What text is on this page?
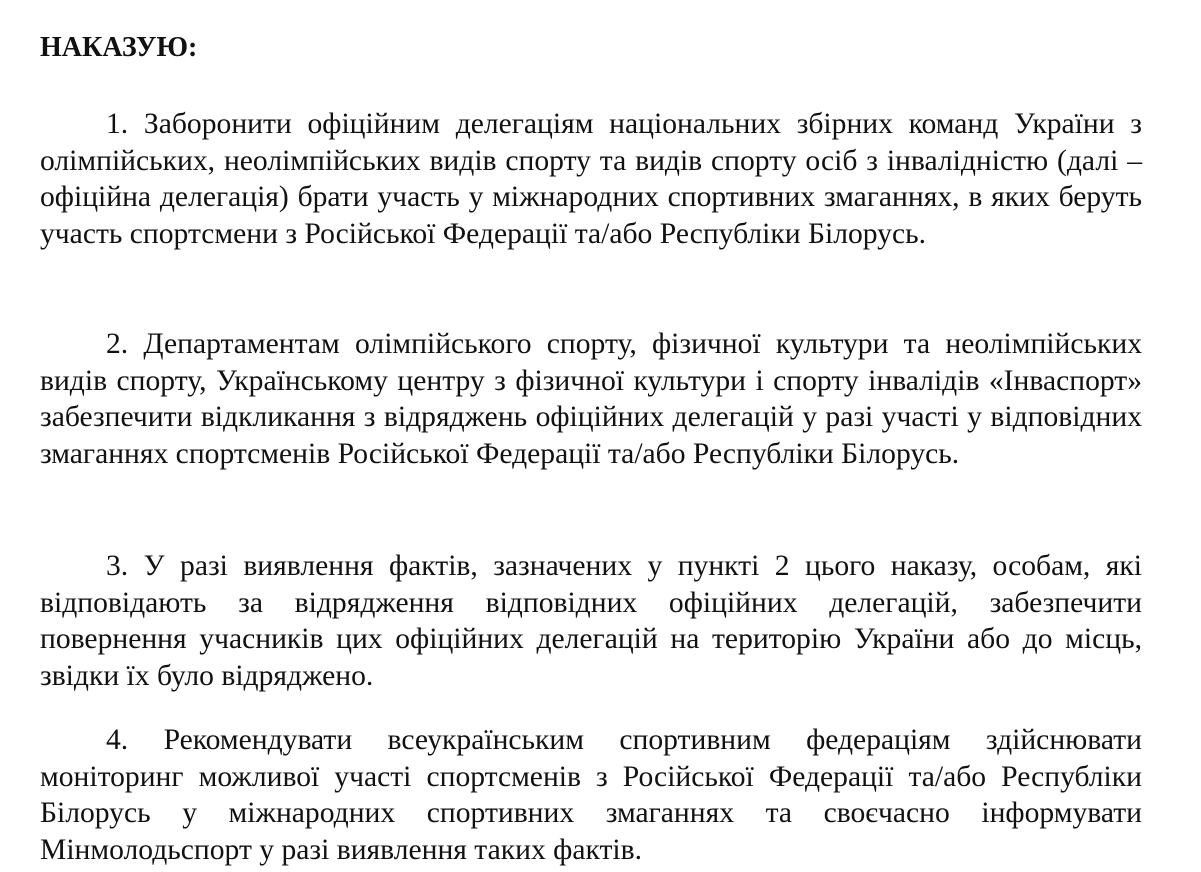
НАКАЗУЮ:

1. Заборонити офіційним делегаціям національних збірних команд України з олімпійських, неолімпійських видів спорту та видів спорту осіб з інвалідністю (далі – офіційна делегація) брати участь у міжнародних спортивних змаганнях, в яких беруть участь спортсмени з Російської Федерації та/або Республіки Білорусь.

2. Департаментам олімпійського спорту, фізичної культури та неолімпійських видів спорту, Українському центру з фізичної культури і спорту інвалідів «Інваспорт» забезпечити відкликання з відряджень офіційних делегацій у разі участі у відповідних змаганнях спортсменів Російської Федерації та/або Республіки Білорусь.

3. У разі виявлення фактів, зазначених у пункті 2 цього наказу, особам, які відповідають за відрядження відповідних офіційних делегацій, забезпечити повернення учасників цих офіційних делегацій на територію України або до місць, звідки їх було відряджено.

4. Рекомендувати всеукраїнським спортивним федераціям здійснювати моніторинг можливої участі спортсменів з Російської Федерації та/або Республіки Білорусь у міжнародних спортивних змаганнях та своєчасно інформувати Мінмолодьспорт у разі виявлення таких фактів.
